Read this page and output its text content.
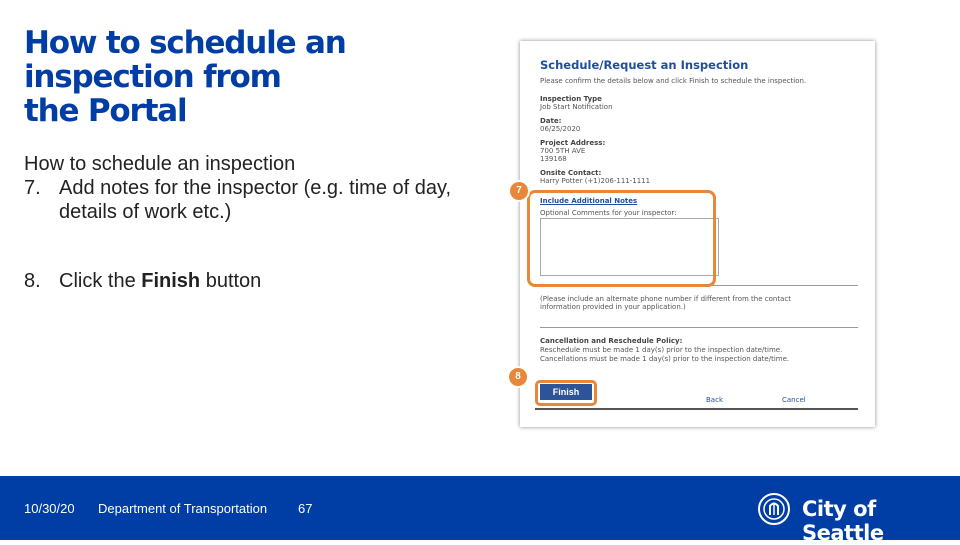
How to schedule an
inspection from
the Portal
How to schedule an inspection
7. Add notes for the inspector (e.g. time of day, details of work etc.)
8. Click the Finish button
Schedule/Request an Inspection
Please confirm the details below and click Finish to schedule the inspection.
Inspection Type
Job Start Notification
Date:
06/25/2020
Project Address:
700 5TH AVE
139168
Onsite Contact:
Harry Potter (+1)206-111-1111
Include Additional Notes
Optional Comments for your inspector:
(Please include an alternate phone number if different from the contact
information provided in your application.)
Cancellation and Reschedule Policy:
Reschedule must be made 1 day(s) prior to the inspection date/time.
Cancellations must be made 1 day(s) prior to the inspection date/time.
Finish
Back	Cancel
7
8
10/30/20 Department of Transportation 67	City of Seattle
